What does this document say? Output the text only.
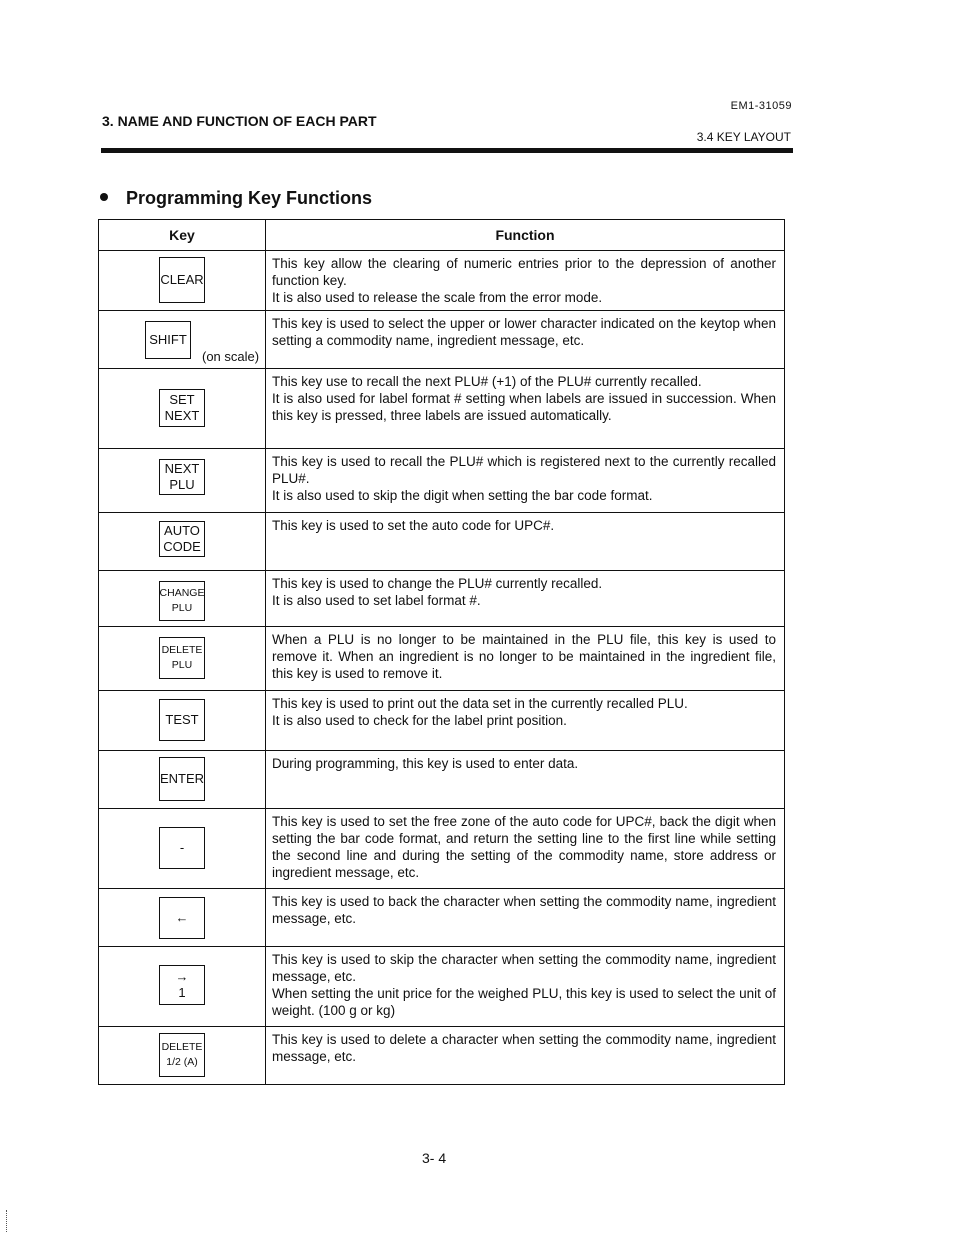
EM1-31059
3. NAME AND FUNCTION OF EACH PART
3.4 KEY LAYOUT
Programming Key Functions
Key	Function

CLEAR	This key allow the clearing of numeric entries prior to the depression of another function key.
It is also used to release the scale from the error mode.

SHIFT
(on scale)	This key is used to select the upper or lower character indicated on the keytop when setting a commodity name, ingredient message, etc.

SET
NEXT	This key use to recall the next PLU# (+1) of the PLU# currently recalled.
It is also used for label format # setting when labels are issued in succession. When this key is pressed, three labels are issued automatically.

NEXT
PLU	This key is used to recall the PLU# which is registered next to the currently recalled PLU#.
It is also used to skip the digit when setting the bar code format.

AUTO
CODE	This key is used to set the auto code for UPC#.

CHANGE
PLU	This key is used to change the PLU# currently recalled.
It is also used to set label format #.

DELETE
PLU	When a PLU is no longer to be maintained in the PLU file, this key is used to remove it. When an ingredient is no longer to be maintained in the ingredient file, this key is used to remove it.

TEST	This key is used to print out the data set in the currently recalled PLU.
It is also used to check for the label print position.

ENTER	During programming, this key is used to enter data.

-	This key is used to set the free zone of the auto code for UPC#, back the digit when setting the bar code format, and return the setting line to the first line while setting the second line and during the setting of the commodity name, store address or ingredient message, etc.

←	This key is used to back the character when setting the commodity name, ingredient message, etc.

→
1	This key is used to skip the character when setting the commodity name, ingredient message, etc.
When setting the unit price for the weighed PLU, this key is used to select the unit of weight. (100 g or kg)

DELETE
1/2 (A)	This key is used to delete a character when setting the commodity name, ingredient message, etc.
3- 4
